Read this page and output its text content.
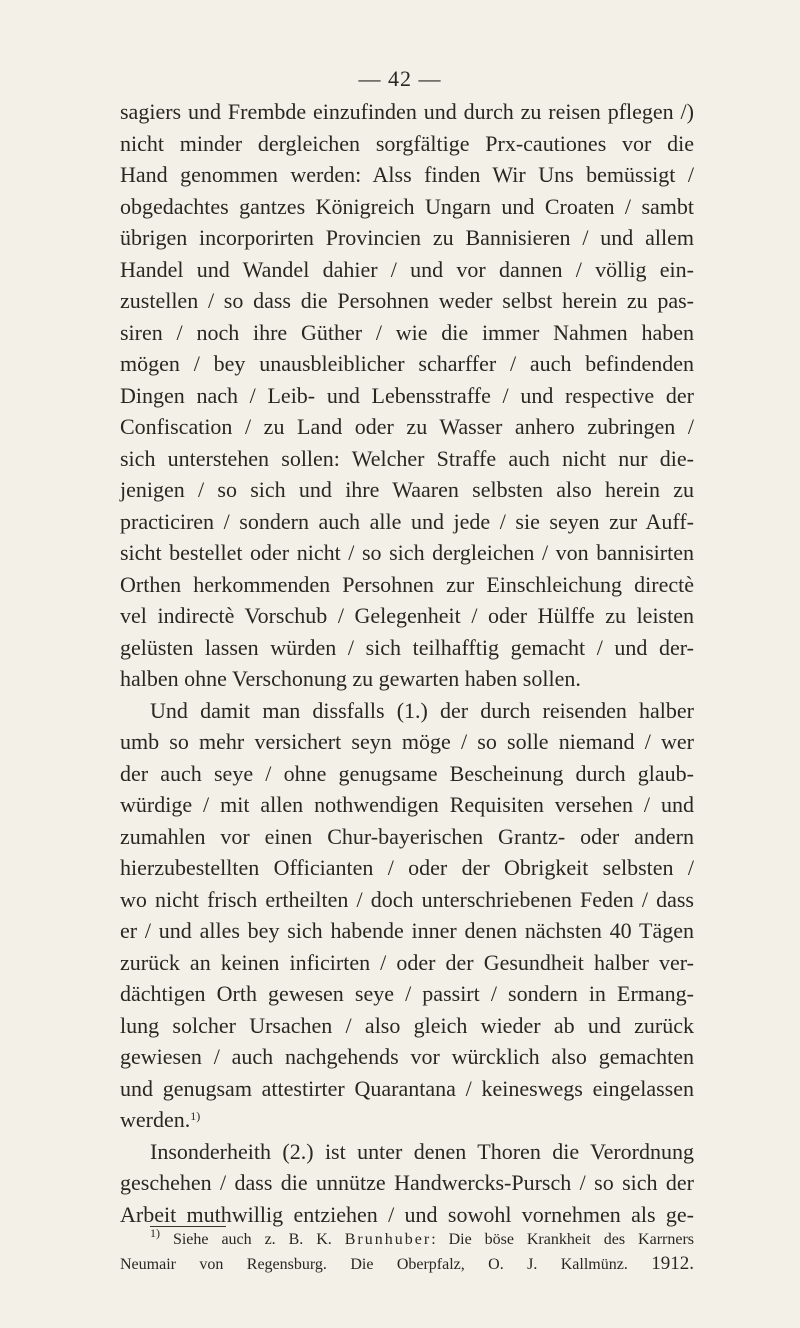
— 42 —
sagiers und Frembde einzufinden und durch zu reisen pflegen /)
nicht minder dergleichen sorgfältige Prx-cautiones vor die
Hand genommen werden: Alss finden Wir Uns bemüssigt /
obgedachtes gantzes Königreich Ungarn und Croaten / sambt
übrigen incorporirten Provincien zu Bannisieren / und allem
Handel und Wandel dahier / und vor dannen / völlig ein-
zustellen / so dass die Persohnen weder selbst herein zu pas-
siren / noch ihre Güther / wie die immer Nahmen haben
mögen / bey unausbleiblicher scharffer / auch befindenden
Dingen nach / Leib- und Lebensstraffe / und respective der
Confiscation / zu Land oder zu Wasser anhero zubringen /
sich unterstehen sollen: Welcher Straffe auch nicht nur die-
jenigen / so sich und ihre Waaren selbsten also herein zu
practiciren / sondern auch alle und jede / sie seyen zur Auff-
sicht bestellet oder nicht / so sich dergleichen / von bannisirten
Orthen herkommenden Persohnen zur Einschleichung directè
vel indirectè Vorschub / Gelegenheit / oder Hülffe zu leisten
gelüsten lassen würden / sich teilhafftig gemacht / und der-
halben ohne Verschonung zu gewarten haben sollen.
Und damit man dissfalls (1.) der durch reisenden halber
umb so mehr versichert seyn möge / so solle niemand / wer
der auch seye / ohne genugsame Bescheinung durch glaub-
würdige / mit allen nothwendigen Requisiten versehen / und
zumahlen vor einen Chur-bayerischen Grantz- oder andern
hierzubestellten Officianten / oder der Obrigkeit selbsten /
wo nicht frisch ertheilten / doch unterschriebenen Feden / dass
er / und alles bey sich habende inner denen nächsten 40 Tägen
zurück an keinen inficirten / oder der Gesundheit halber ver-
dächtigen Orth gewesen seye / passirt / sondern in Ermang-
lung solcher Ursachen / also gleich wieder ab und zurück
gewiesen / auch nachgehends vor würcklich also gemachten
und genugsam attestirter Quarantana / keineswegs eingelassen
werden.$^{1)}$
Insonderheith (2.) ist unter denen Thoren die Verordnung
geschehen / dass die unnütze Handwercks-Pursch / so sich der
Arbeit muthwillig entziehen / und sowohl vornehmen als ge-
$^{1)}$ Siehe auch z. B. K. Brunhuber: Die böse Krankheit des Karrners
Neumair von Regensburg. Die Oberpfalz, O. J. Kallmünz. 1912.
